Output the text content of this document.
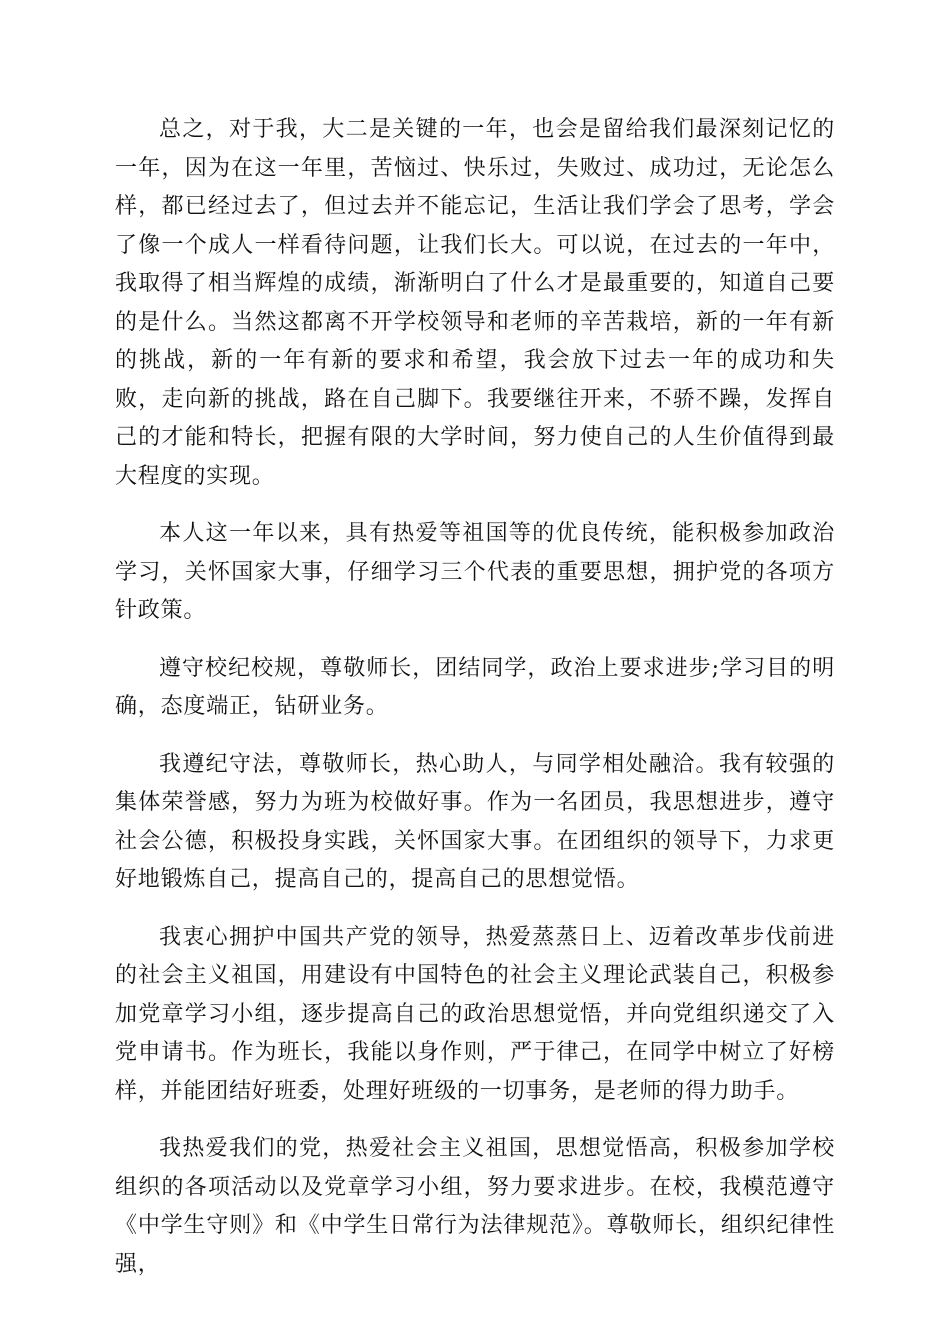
总之，对于我，大二是关键的一年，也会是留给我们最深刻记忆的一年，因为在这一年里，苦恼过、快乐过，失败过、成功过，无论怎么样，都已经过去了，但过去并不能忘记，生活让我们学会了思考，学会了像一个成人一样看待问题，让我们长大。可以说，在过去的一年中，我取得了相当辉煌的成绩，渐渐明白了什么才是最重要的，知道自己要的是什么。当然这都离不开学校领导和老师的辛苦栽培，新的一年有新的挑战，新的一年有新的要求和希望，我会放下过去一年的成功和失败，走向新的挑战，路在自己脚下。我要继往开来，不骄不躁，发挥自己的才能和特长，把握有限的大学时间，努力使自己的人生价值得到最大程度的实现。

本人这一年以来，具有热爱等祖国等的优良传统，能积极参加政治学习，关怀国家大事，仔细学习三个代表的重要思想，拥护党的各项方针政策。

遵守校纪校规，尊敬师长，团结同学，政治上要求进步;学习目的明确，态度端正，钻研业务。

我遵纪守法，尊敬师长，热心助人，与同学相处融洽。我有较强的集体荣誉感，努力为班为校做好事。作为一名团员，我思想进步，遵守社会公德，积极投身实践，关怀国家大事。在团组织的领导下，力求更好地锻炼自己，提高自己的，提高自己的思想觉悟。

我衷心拥护中国共产党的领导，热爱蒸蒸日上、迈着改革步伐前进的社会主义祖国，用建设有中国特色的社会主义理论武装自己，积极参加党章学习小组，逐步提高自己的政治思想觉悟，并向党组织递交了入党申请书。作为班长，我能以身作则，严于律己，在同学中树立了好榜样，并能团结好班委，处理好班级的一切事务，是老师的得力助手。

我热爱我们的党，热爱社会主义祖国，思想觉悟高，积极参加学校组织的各项活动以及党章学习小组，努力要求进步。在校，我模范遵守《中学生守则》和《中学生日常行为法律规范》。尊敬师长，组织纪律性强，
